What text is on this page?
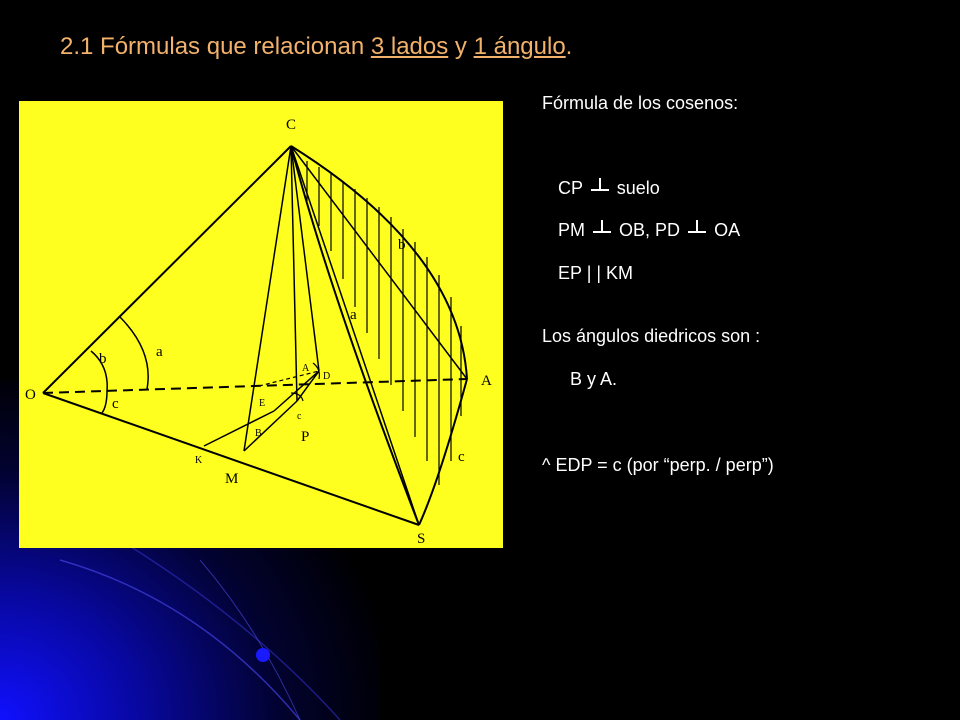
2.1 Fórmulas que relacionan 3 lados y 1 ángulo.
C
O
A
S
M
K
P
E
D
a
a
b
b
c
c
c
A
B

Fórmula de los cosenos:

CP suelo

PM OB, PD OA

EP | | KM

Los ángulos diedricos son :

B y A.

^ EDP = c (por “perp. / perp”)
